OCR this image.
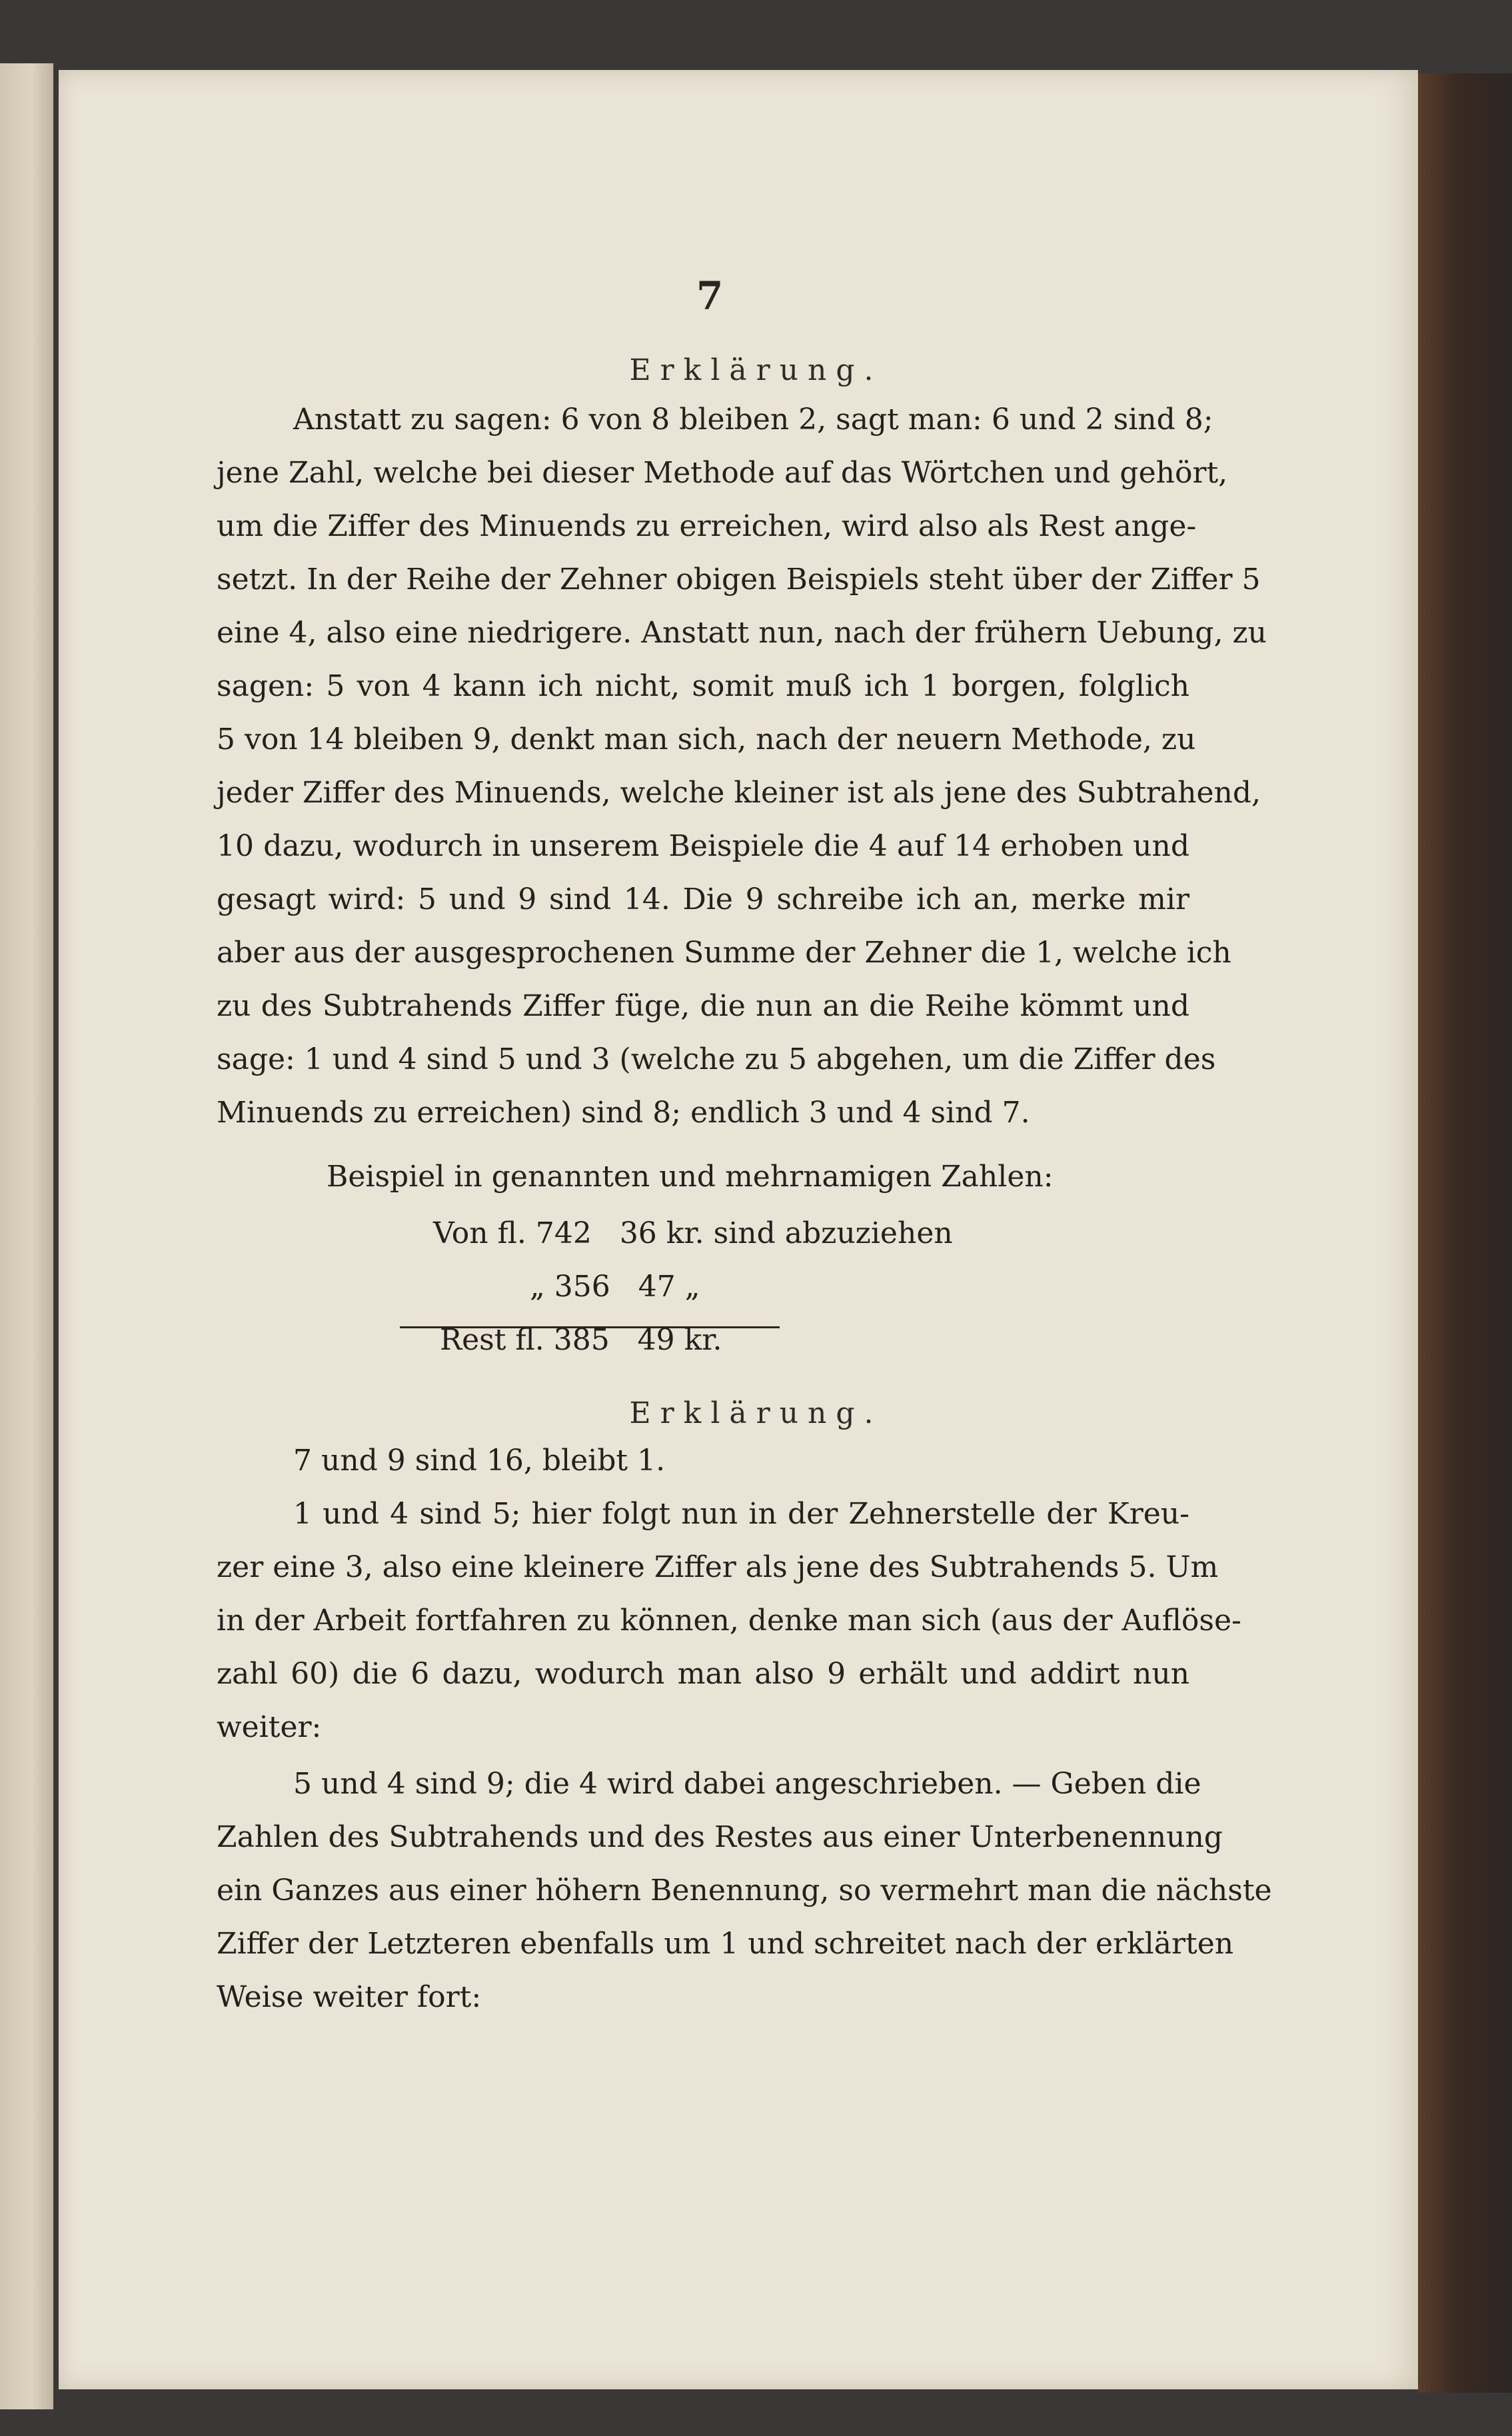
7
Erklärung.
Anstatt zu sagen: 6 von 8 bleiben 2, sagt man: 6 und 2 sind 8;
jene Zahl, welche bei dieser Methode auf das Wörtchen und gehört,
um die Ziffer des Minuends zu erreichen, wird also als Rest ange-
setzt. In der Reihe der Zehner obigen Beispiels steht über der Ziffer 5
eine 4, also eine niedrigere. Anstatt nun, nach der frühern Uebung, zu
sagen: 5 von 4 kann ich nicht, somit muß ich 1 borgen, folglich
5 von 14 bleiben 9, denkt man sich, nach der neuern Methode, zu
jeder Ziffer des Minuends, welche kleiner ist als jene des Subtrahend,
10 dazu, wodurch in unserem Beispiele die 4 auf 14 erhoben und
gesagt wird: 5 und 9 sind 14. Die 9 schreibe ich an, merke mir
aber aus der ausgesprochenen Summe der Zehner die 1, welche ich
zu des Subtrahends Ziffer füge, die nun an die Reihe kömmt und
sage: 1 und 4 sind 5 und 3 (welche zu 5 abgehen, um die Ziffer des
Minuends zu erreichen) sind 8; endlich 3 und 4 sind 7.
Beispiel in genannten und mehrnamigen Zahlen:
Von fl. 742   36 kr. sind abzuziehen
„ 356   47 „
Rest fl. 385   49 kr.
Erklärung.
7 und 9 sind 16, bleibt 1.
1 und 4 sind 5; hier folgt nun in der Zehnerstelle der Kreu-
zer eine 3, also eine kleinere Ziffer als jene des Subtrahends 5. Um
in der Arbeit fortfahren zu können, denke man sich (aus der Auflöse-
zahl 60) die 6 dazu, wodurch man also 9 erhält und addirt nun
weiter:
5 und 4 sind 9; die 4 wird dabei angeschrieben. — Geben die
Zahlen des Subtrahends und des Restes aus einer Unterbenennung
ein Ganzes aus einer höhern Benennung, so vermehrt man die nächste
Ziffer der Letzteren ebenfalls um 1 und schreitet nach der erklärten
Weise weiter fort:
